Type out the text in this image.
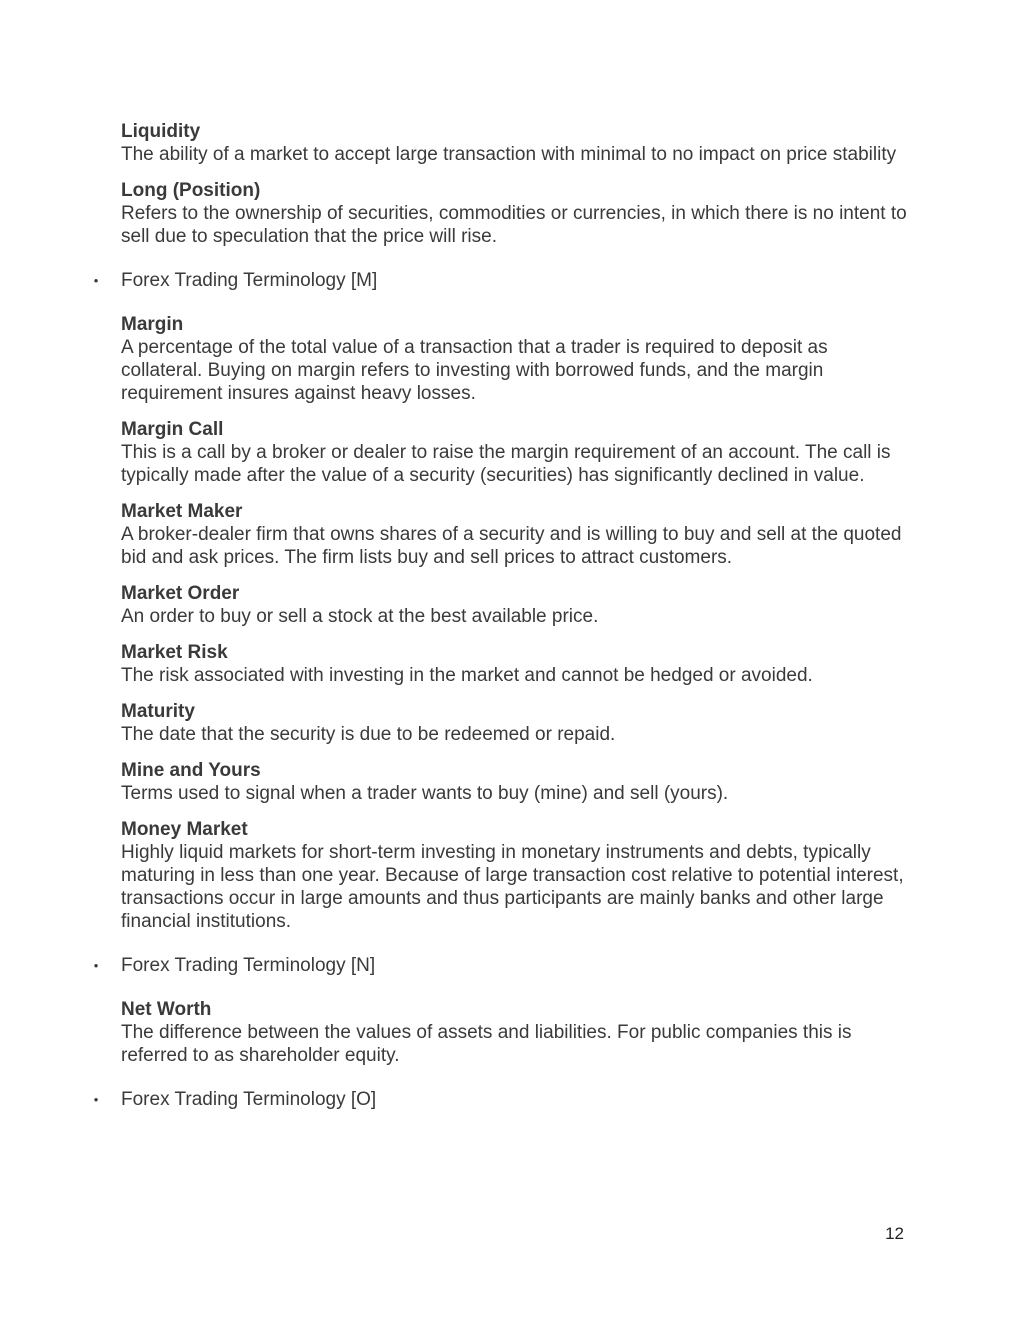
Liquidity
The ability of a market to accept large transaction with minimal to no impact on price stability
Long (Position)
Refers to the ownership of securities, commodities or currencies, in which there is no intent to sell due to speculation that the price will rise.
• Forex Trading Terminology [M]
Margin
A percentage of the total value of a transaction that a trader is required to deposit as collateral. Buying on margin refers to investing with borrowed funds, and the margin requirement insures against heavy losses.
Margin Call
This is a call by a broker or dealer to raise the margin requirement of an account. The call is typically made after the value of a security (securities) has significantly declined in value.
Market Maker
A broker-dealer firm that owns shares of a security and is willing to buy and sell at the quoted bid and ask prices. The firm lists buy and sell prices to attract customers.
Market Order
An order to buy or sell a stock at the best available price.
Market Risk
The risk associated with investing in the market and cannot be hedged or avoided.
Maturity
The date that the security is due to be redeemed or repaid.
Mine and Yours
Terms used to signal when a trader wants to buy (mine) and sell (yours).
Money Market
Highly liquid markets for short-term investing in monetary instruments and debts, typically maturing in less than one year. Because of large transaction cost relative to potential interest, transactions occur in large amounts and thus participants are mainly banks and other large financial institutions.
• Forex Trading Terminology [N]
Net Worth
The difference between the values of assets and liabilities. For public companies this is referred to as shareholder equity.
• Forex Trading Terminology [O]
12
